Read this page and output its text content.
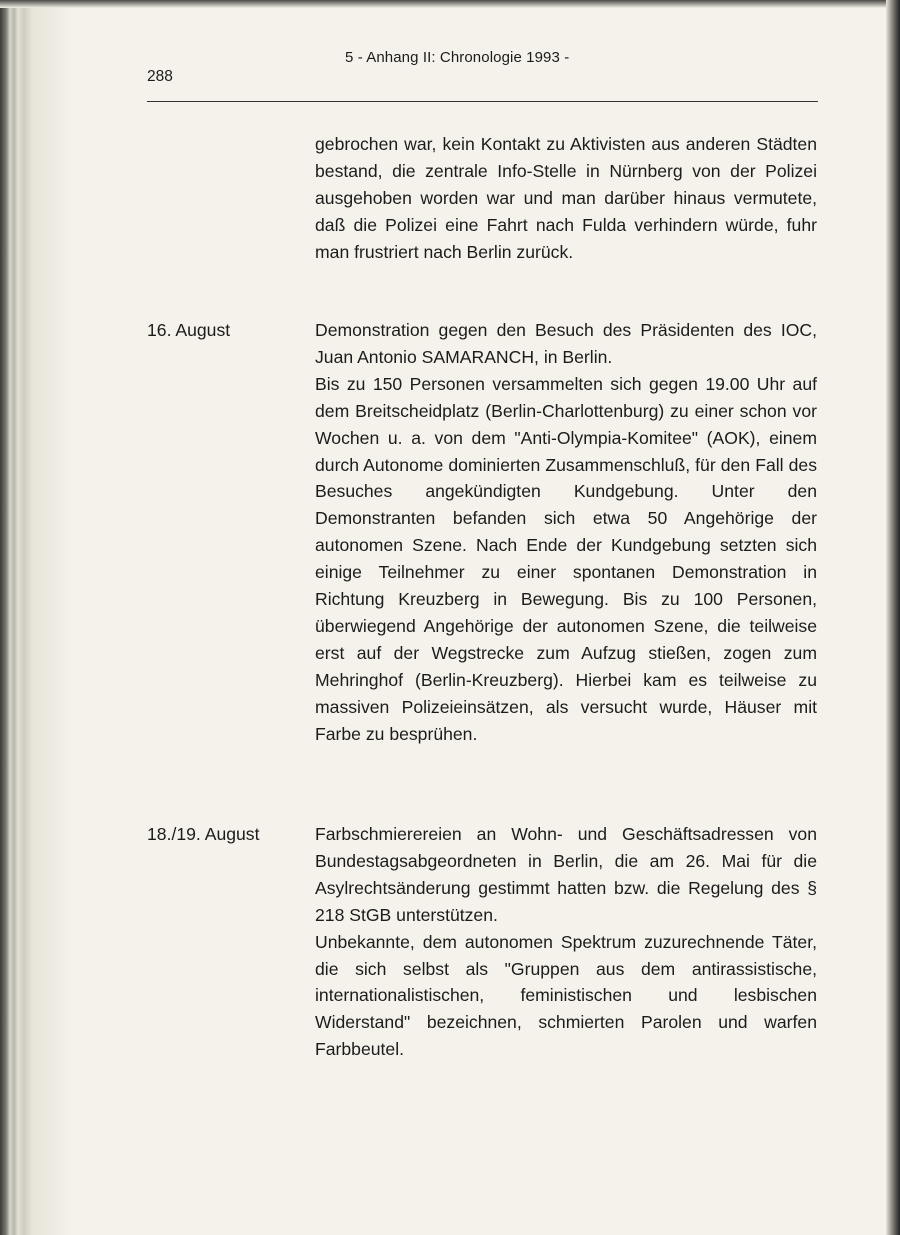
5 - Anhang II: Chronologie 1993 -
288

gebrochen war, kein Kontakt zu Aktivisten aus anderen Städten bestand, die zentrale Info-Stelle in Nürnberg von der Polizei ausgehoben worden war und man darüber hinaus vermutete, daß die Polizei eine Fahrt nach Fulda verhindern würde, fuhr man frustriert nach Berlin zurück.

16. August	Demonstration gegen den Besuch des Präsidenten des IOC, Juan Antonio SAMARANCH, in Berlin.

Bis zu 150 Personen versammelten sich gegen 19.00 Uhr auf dem Breitscheidplatz (Berlin-Charlottenburg) zu einer schon vor Wochen u. a. von dem "Anti-Olympia-Komitee" (AOK), einem durch Autonome dominierten Zusammenschluß, für den Fall des Besuches angekündigten Kundgebung. Unter den Demonstranten befanden sich etwa 50 Angehörige der autonomen Szene. Nach Ende der Kundgebung setzten sich einige Teilnehmer zu einer spontanen Demonstration in Richtung Kreuzberg in Bewegung. Bis zu 100 Personen, überwiegend Angehörige der autonomen Szene, die teilweise erst auf der Wegstrecke zum Aufzug stießen, zogen zum Mehringhof (Berlin-Kreuzberg). Hierbei kam es teilweise zu massiven Polizeieinsätzen, als versucht wurde, Häuser mit Farbe zu besprühen.

18./19. August	Farbschmierereien an Wohn- und Geschäftsadressen von Bundestagsabgeordneten in Berlin, die am 26. Mai für die Asylrechtsänderung gestimmt hatten bzw. die Regelung des § 218 StGB unterstützen.

Unbekannte, dem autonomen Spektrum zuzurechnende Täter, die sich selbst als "Gruppen aus dem antirassistische, internationalistischen, feministischen und lesbischen Widerstand" bezeichnen, schmierten Parolen und warfen Farbbeutel.
